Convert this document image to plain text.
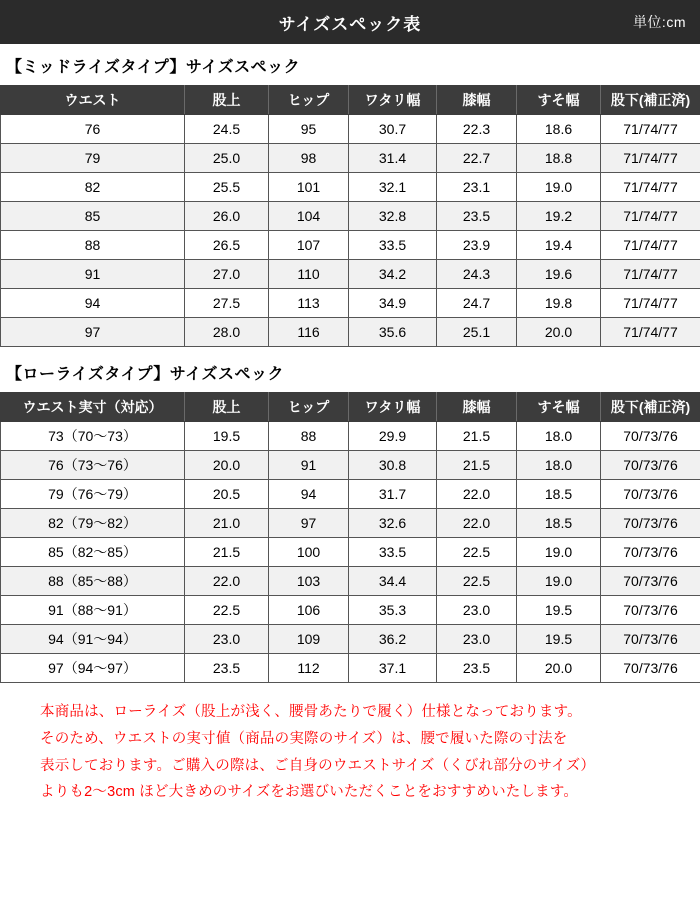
サイズスペック表	単位:cm
【ミッドライズタイプ】サイズスペック
ウエスト	股上	ヒップ	ワタリ幅	膝幅	すそ幅	股下(補正済)
76	24.5	95	30.7	22.3	18.6	71/74/77
79	25.0	98	31.4	22.7	18.8	71/74/77
82	25.5	101	32.1	23.1	19.0	71/74/77
85	26.0	104	32.8	23.5	19.2	71/74/77
88	26.5	107	33.5	23.9	19.4	71/74/77
91	27.0	110	34.2	24.3	19.6	71/74/77
94	27.5	113	34.9	24.7	19.8	71/74/77
97	28.0	116	35.6	25.1	20.0	71/74/77
【ローライズタイプ】サイズスペック
ウエスト実寸（対応）	股上	ヒップ	ワタリ幅	膝幅	すそ幅	股下(補正済)
73（70〜73）	19.5	88	29.9	21.5	18.0	70/73/76
76（73〜76）	20.0	91	30.8	21.5	18.0	70/73/76
79（76〜79）	20.5	94	31.7	22.0	18.5	70/73/76
82（79〜82）	21.0	97	32.6	22.0	18.5	70/73/76
85（82〜85）	21.5	100	33.5	22.5	19.0	70/73/76
88（85〜88）	22.0	103	34.4	22.5	19.0	70/73/76
91（88〜91）	22.5	106	35.3	23.0	19.5	70/73/76
94（91〜94）	23.0	109	36.2	23.0	19.5	70/73/76
97（94〜97）	23.5	112	37.1	23.5	20.0	70/73/76

本商品は、ローライズ（股上が浅く、腰骨あたりで履く）仕様となっております。

そのため、ウエストの実寸値（商品の実際のサイズ）は、腰で履いた際の寸法を

表示しております。ご購入の際は、ご自身のウエストサイズ（くびれ部分のサイズ）

よりも2〜3cm ほど大きめのサイズをお選びいただくことをおすすめいたします。
